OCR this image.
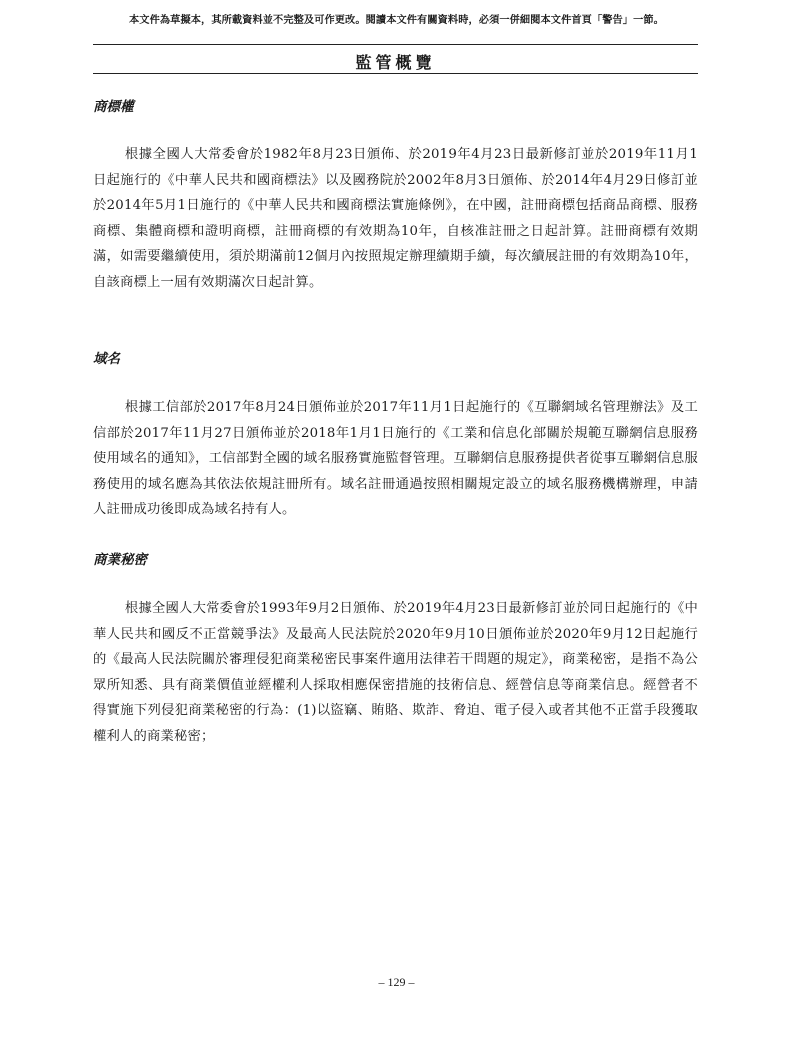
本文件為草擬本，其所載資料並不完整及可作更改。閱讀本文件有關資料時，必須一併細閱本文件首頁「警告」一節。
監管概覽
商標權

根據全國人大常委會於1982年8月23日頒佈、於2019年4月23日最新修訂並於2019年11月1日起施行的《中華人民共和國商標法》以及國務院於2002年8月3日頒佈、於2014年4月29日修訂並於2014年5月1日施行的《中華人民共和國商標法實施條例》，在中國，註冊商標包括商品商標、服務商標、集體商標和證明商標，註冊商標的有效期為10年，自核准註冊之日起計算。註冊商標有效期滿，如需要繼續使用，須於期滿前12個月內按照規定辦理續期手續，每次續展註冊的有效期為10年，自該商標上一屆有效期滿次日起計算。

域名

根據工信部於2017年8月24日頒佈並於2017年11月1日起施行的《互聯網域名管理辦法》及工信部於2017年11月27日頒佈並於2018年1月1日施行的《工業和信息化部關於規範互聯網信息服務使用域名的通知》，工信部對全國的域名服務實施監督管理。互聯網信息服務提供者從事互聯網信息服務使用的域名應為其依法依規註冊所有。域名註冊通過按照相關規定設立的域名服務機構辦理，申請人註冊成功後即成為域名持有人。

商業秘密

根據全國人大常委會於1993年9月2日頒佈、於2019年4月23日最新修訂並於同日起施行的《中華人民共和國反不正當競爭法》及最高人民法院於2020年9月10日頒佈並於2020年9月12日起施行的《最高人民法院關於審理侵犯商業秘密民事案件適用法律若干問題的規定》，商業秘密，是指不為公眾所知悉、具有商業價值並經權利人採取相應保密措施的技術信息、經營信息等商業信息。經營者不得實施下列侵犯商業秘密的行為：(1)以盜竊、賄賂、欺詐、脅迫、電子侵入或者其他不正當手段獲取權利人的商業秘密；

– 129 –
